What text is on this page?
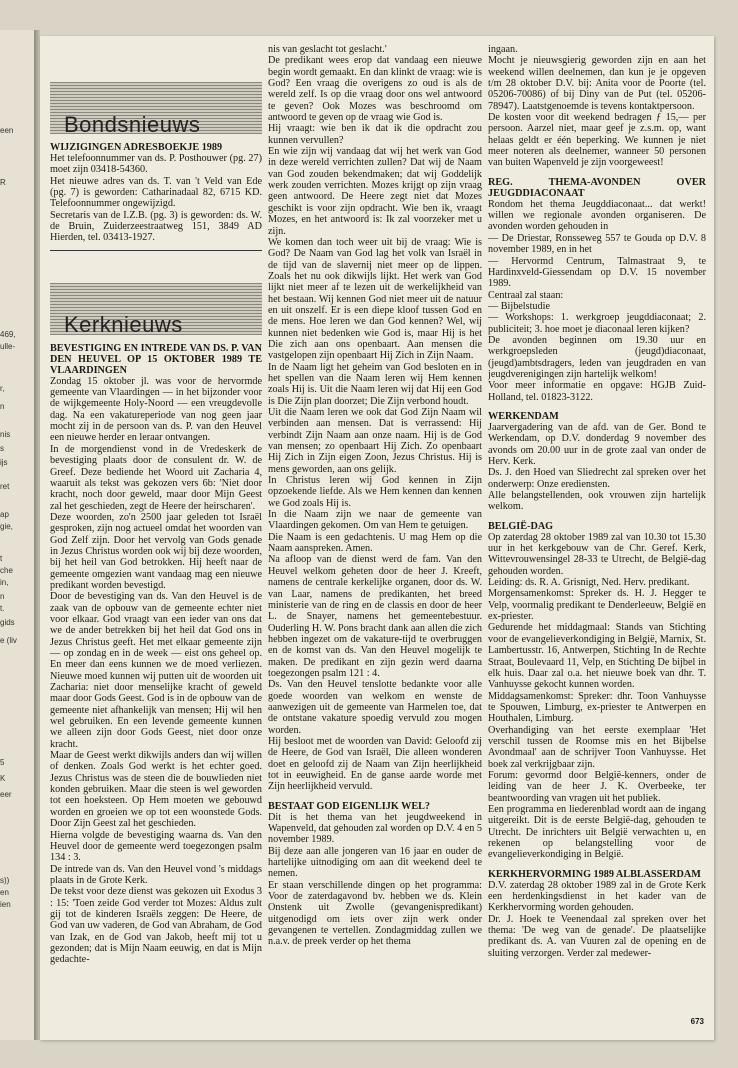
een
R
469,
ulle-
r,
n
nis
s
ijs
ret
ap
gie,
t
che
in,
n
t.
gids
e (liv
5
K
eer
s))
en
ien
Bondsnieuws
WIJZIGINGEN ADRESBOEKJE 1989

Het telefoonnummer van ds. P. Posthouwer (pg. 27) moet zijn 03418-54360.

Het nieuwe adres van ds. T. van 't Veld van Ede (pg. 7) is geworden: Catharinadaal 82, 6715 KD. Telefoonnummer ongewijzigd.

Secretaris van de I.Z.B. (pg. 3) is geworden: ds. W. de Bruin, Zuiderzeestraatweg 151, 3849 AD Hierden, tel. 03413-1927.

Kerknieuws
BEVESTIGING EN INTREDE VAN DS. P. VAN DEN HEUVEL OP 15 OKTOBER 1989 TE VLAARDINGEN

Zondag 15 oktober jl. was voor de hervormde gemeente van Vlaardingen — in het bijzonder voor de wijkgemeente Holy-Noord — een vreugdevolle dag. Na een vakatureperiode van nog geen jaar mocht zij in de persoon van ds. P. van den Heuvel een nieuwe herder en leraar ontvangen.

In de morgendienst vond in de Vredeskerk de bevestiging plaats door de consulent dr. W. de Greef. Deze bediende het Woord uit Zacharia 4, waaruit als tekst was gekozen vers 6b: 'Niet door kracht, noch door geweld, maar door Mijn Geest zal het geschieden, zegt de Heere der heirscharen'.

Deze woorden, zo'n 2500 jaar geleden tot Israël gesproken, zijn nog actueel omdat het woorden van God Zelf zijn. Door het vervolg van Gods genade in Jezus Christus worden ook wij bij deze woorden, bij het heil van God betrokken. Hij heeft naar de gemeente omgezien want vandaag mag een nieuwe predikant worden bevestigd.

Door de bevestiging van ds. Van den Heuvel is de zaak van de opbouw van de gemeente echter niet voor elkaar. God vraagt van een ieder van ons dat we de ander betrekken bij het heil dat God ons in Jezus Christus geeft. Het met elkaar gemeente zijn — op zondag en in de week — eist ons geheel op. En meer dan eens kunnen we de moed verliezen. Nieuwe moed kunnen wij putten uit de woorden uit Zacharia: niet door menselijke kracht of geweld maar door Gods Geest. God is in de opbouw van de gemeente niet afhankelijk van mensen; Hij wil hen wel gebruiken. En een levende gemeente kunnen we alleen zijn door Gods Geest, niet door onze kracht.

Maar de Geest werkt dikwijls anders dan wij willen of denken. Zoals God werkt is het echter goed. Jezus Christus was de steen die de bouwlieden niet konden gebruiken. Maar die steen is wel geworden tot een hoeksteen. Op Hem moeten we gebouwd worden en groeien we op tot een woonstede Gods. Door Zijn Geest zal het geschieden.

Hierna volgde de bevestiging waarna ds. Van den Heuvel door de gemeente werd toegezongen psalm 134 : 3.

De intrede van ds. Van den Heuvel vond 's middags plaats in de Grote Kerk.

De tekst voor deze dienst was gekozen uit Exodus 3 : 15: 'Toen zeide God verder tot Mozes: Aldus zult gij tot de kinderen Israëls zeggen: De Heere, de God van uw vaderen, de God van Abraham, de God van Izak, en de God van Jakob, heeft mij tot u gezonden; dat is Mijn Naam eeuwig, en dat is Mijn gedachte-

nis van geslacht tot geslacht.'

De predikant wees erop dat vandaag een nieuwe begin wordt gemaakt. En dan klinkt de vraag: wie is God? Een vraag die overigens zo oud is als de wereld zelf. Is op die vraag door ons wel antwoord te geven? Ook Mozes was beschroomd om antwoord te geven op de vraag wie God is.

Hij vraagt: wie ben ik dat ik die opdracht zou kunnen vervullen?

En wie zijn wij vandaag dat wij het werk van God in deze wereld verrichten zullen? Dat wij de Naam van God zouden bekendmaken; dat wij Goddelijk werk zouden verrichten. Mozes krijgt op zijn vraag geen antwoord. De Heere zegt niet dat Mozes geschikt is voor zijn opdracht. Wie ben ik, vraagt Mozes, en het antwoord is: Ik zal voorzeker met u zijn.

We komen dan toch weer uit bij de vraag: Wie is God? De Naam van God lag het volk van Israël in de tijd van de slavernij niet meer op de lippen. Zoals het nu ook dikwijls lijkt. Het werk van God lijkt niet meer af te lezen uit de werkelijkheid van het bestaan. Wij kennen God niet meer uit de natuur en uit onszelf. Er is een diepe kloof tussen God en de mens. Hoe leren we dan God kennen? Wel, wij kunnen niet bedenken wie God is, maar Hij is het Die zich aan ons openbaart. Aan mensen die vastgelopen zijn openbaart Hij Zich in Zijn Naam.

In de Naam ligt het geheim van God besloten en in het spellen van die Naam leren wij Hem kennen zoals Hij is. Uit die Naam leren wij dat Hij een God is Die Zijn plan doorzet; Die Zijn verbond houdt.

Uit die Naam leren we ook dat God Zijn Naam wil verbinden aan mensen. Dat is verrassend: Hij verbindt Zijn Naam aan onze naam. Hij is de God van mensen; zo openbaart Hij Zich. Zo openbaart Hij Zich in Zijn eigen Zoon, Jezus Christus. Hij is mens geworden, aan ons gelijk.

In Christus leren wij God kennen in Zijn opzoekende liefde. Als we Hem kennen dan kennen we God zoals Hij is.

In die Naam zijn we naar de gemeente van Vlaardingen gekomen. Om van Hem te getuigen.

Die Naam is een gedachtenis. U mag Hem op die Naam aanspreken. Amen.

Na afloop van de dienst werd de fam. Van den Heuvel welkom geheten door de heer J. Kreeft, namens de centrale kerkelijke organen, door ds. W. van Laar, namens de predikanten, het breed ministerie van de ring en de classis en door de heer L. de Snayer, namens het gemeentebestuur. Ouderling H. W. Pons bracht dank aan allen die zich hebben ingezet om de vakature-tijd te overbruggen en de komst van ds. Van den Heuvel mogelijk te maken. De predikant en zijn gezin werd daarna toegezongen psalm 121 : 4.

Ds. Van den Heuvel tenslotte bedankte voor alle goede woorden van welkom en wenste de aanwezigen uit de gemeente van Harmelen toe, dat de ontstane vakature spoedig vervuld zou mogen worden.

Hij besloot met de woorden van David: Geloofd zij de Heere, de God van Israël, Die alleen wonderen doet en geloofd zij de Naam van Zijn heerlijkheid tot in eeuwigheid. En de ganse aarde worde met Zijn heerlijkheid vervuld.

BESTAAT GOD EIGENLIJK WEL?

Dit is het thema van het jeugdweekend in Wapenveld, dat gehouden zal worden op D.V. 4 en 5 november 1989.

Bij deze aan alle jongeren van 16 jaar en ouder de hartelijke uitnodiging om aan dit weekend deel te nemen.

Er staan verschillende dingen op het programma: Voor de zaterdagavond bv. hebben we ds. Klein Onstenk uit Zwolle (gevangenispredikant) uitgenodigd om iets over zijn werk onder gevangenen te vertellen. Zondagmiddag zullen we n.a.v. de preek verder op het thema

ingaan.

Mocht je nieuwsgierig geworden zijn en aan het weekend willen deelnemen, dan kun je je opgeven t/m 28 oktober D.V. bij: Anita voor de Poorte (tel. 05206-70086) of bij Diny van de Put (tel. 05206-78947). Laatstgenoemde is tevens kontaktpersoon.

De kosten voor dit weekend bedragen ƒ 15,— per persoon. Aarzel niet, maar geef je z.s.m. op, want helaas geldt er één beperking. We kunnen je niet meer noteren als deelnemer, wanneer 50 personen van buiten Wapenveld je zijn voorgeweest!

REG. THEMA-AVONDEN OVER JEUGDDIACONAAT

Rondom het thema Jeugddiaconaat... dat werkt! willen we regionale avonden organiseren. De avonden worden gehouden in

— De Driestar, Ronsseweg 557 te Gouda op D.V. 8 november 1989, en in het

— Hervormd Centrum, Talmastraat 9, te Hardinxveld-Giessendam op D.V. 15 november 1989.

Centraal zal staan:

— Bijbelstudie

— Workshops: 1. werkgroep jeugddiaconaat; 2. publiciteit; 3. hoe moet je diaconaal leren kijken?

De avonden beginnen om 19.30 uur en werkgroepsleden (jeugd)diaconaat, (jeugd)ambtsdragers, leden van jeugdraden en van jeugdverenigingen zijn hartelijk welkom!

Voor meer informatie en opgave: HGJB Zuid-Holland, tel. 01823-3122.

WERKENDAM

Jaarvergadering van de afd. van de Ger. Bond te Werkendam, op D.V. donderdag 9 november des avonds om 20.00 uur in de grote zaal van onder de Herv. Kerk.

Ds. J. den Hoed van Sliedrecht zal spreken over het onderwerp: Onze erediensten.

Alle belangstellenden, ook vrouwen zijn hartelijk welkom.

BELGIË-DAG

Op zaterdag 28 oktober 1989 zal van 10.30 tot 15.30 uur in het kerkgebouw van de Chr. Geref. Kerk, Wittevrouwensingel 28-33 te Utrecht, de België-dag gehouden worden.

Leiding: ds. R. A. Grisnigt, Ned. Herv. predikant.

Morgensamenkomst: Spreker ds. H. J. Hegger te Velp, voormalig predikant te Denderleeuw, België en ex-priester.

Gedurende het middagmaal: Stands van Stichting voor de evangelieverkondiging in België, Marnix, St. Lambertusstr. 16, Antwerpen, Stichting In de Rechte Straat, Boulevaard 11, Velp, en Stichting De bijbel in elk huis. Daar zal o.a. het nieuwe boek van dhr. T. Vanhuysse gekocht kunnen worden.

Middagsamenkomst: Spreker: dhr. Toon Vanhuysse te Spouwen, Limburg, ex-priester te Antwerpen en Houthalen, Limburg.

Overhandiging van het eerste exemplaar 'Het verschil tussen de Roomse mis en het Bijbelse Avondmaal' aan de schrijver Toon Vanhuysse. Het boek zal verkrijgbaar zijn.

Forum: gevormd door België-kenners, onder de leiding van de heer J. K. Overbeeke, ter beantwoording van vragen uit het publiek.

Een programma en liederenblad wordt aan de ingang uitgereikt. Dit is de eerste België-dag, gehouden te Utrecht. De inrichters uit België verwachten u, en rekenen op belangstelling voor de evangelieverkondiging in België.

KERKHERVORMING 1989 ALBLASSERDAM

D.V. zaterdag 28 oktober 1989 zal in de Grote Kerk een herdenkingsdienst in het kader van de Kerkhervorming worden gehouden.

Dr. J. Hoek te Veenendaal zal spreken over het thema: 'De weg van de genade'. De plaatselijke predikant ds. A. van Vuuren zal de opening en de sluiting verzorgen. Verder zal medewer-

673
